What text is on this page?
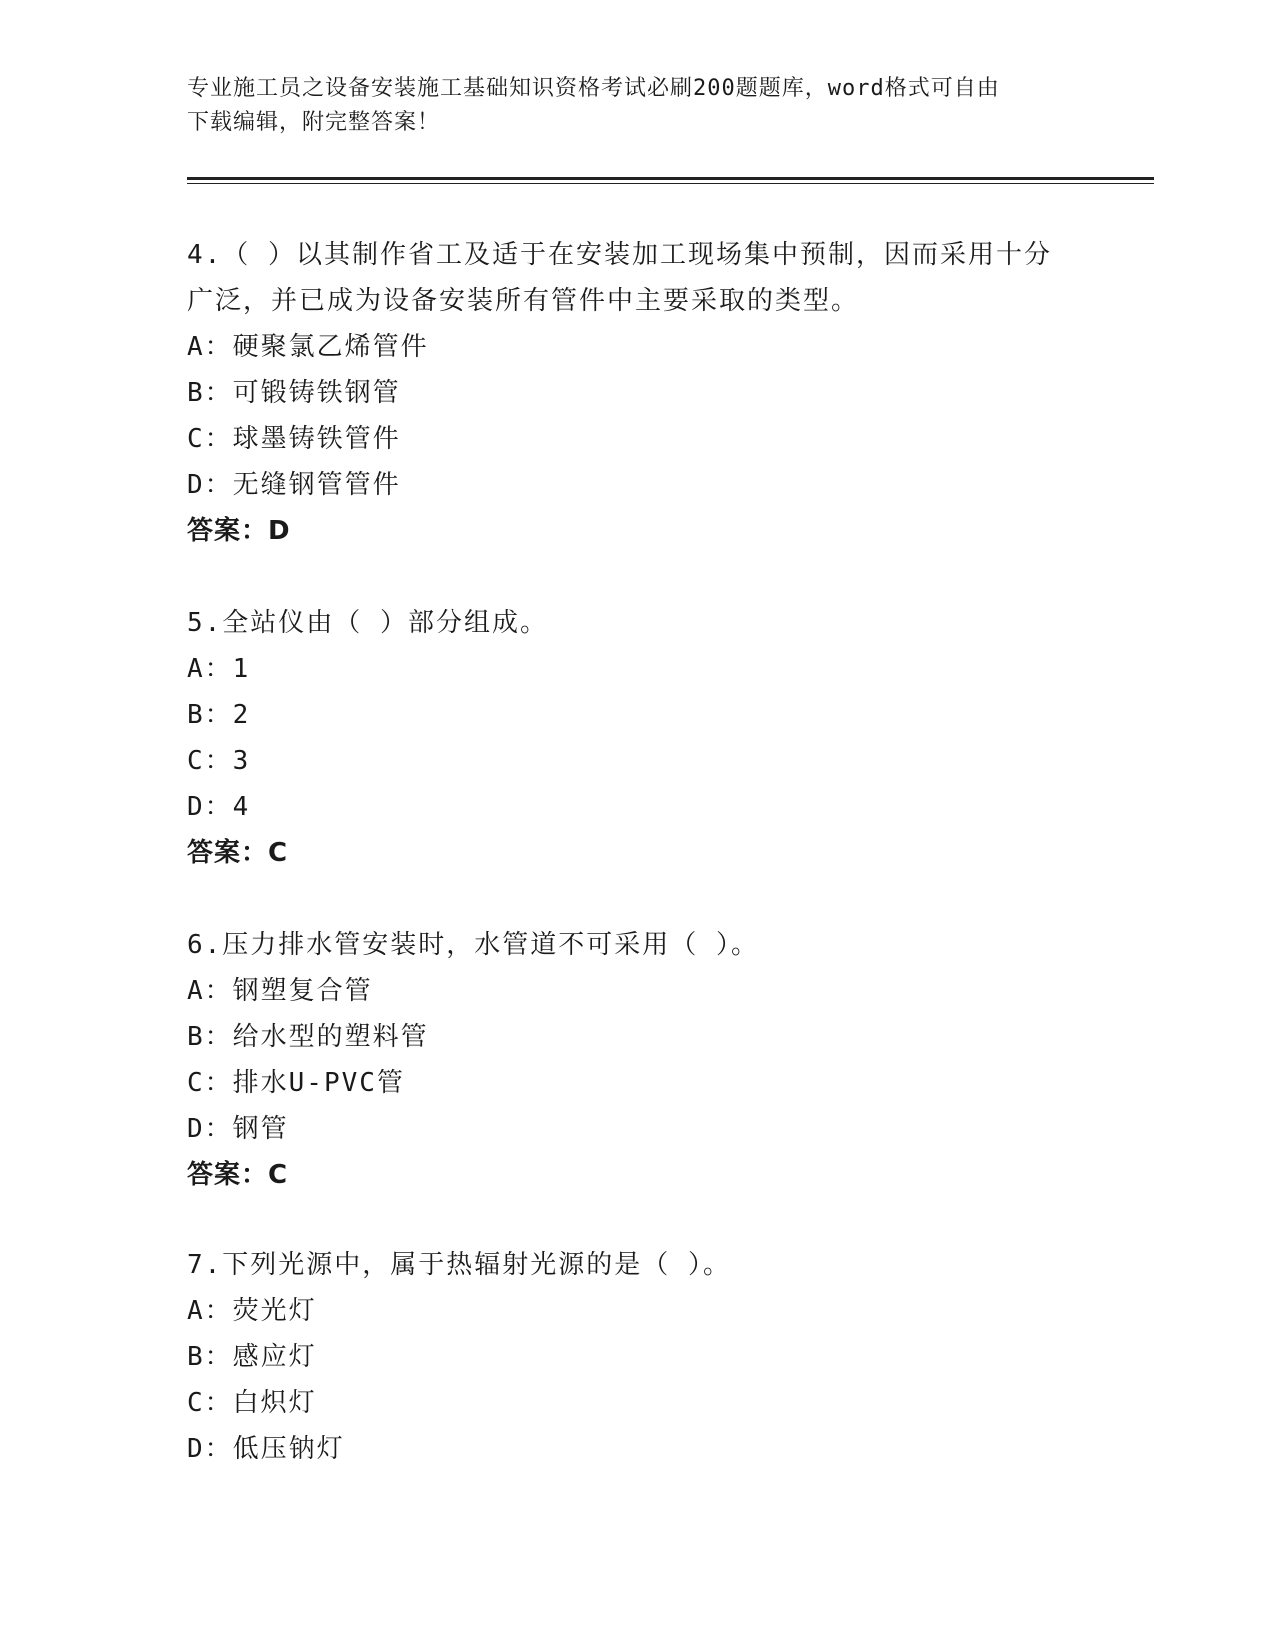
专业施工员之设备安装施工基础知识资格考试必刷200题题库，word格式可自由
下载编辑，附完整答案！
4.（ ）以其制作省工及适于在安装加工现场集中预制，因而采用十分
广泛，并已成为设备安装所有管件中主要采取的类型。
A：硬聚氯乙烯管件
B：可锻铸铁钢管
C：球墨铸铁管件
D：无缝钢管管件
答案：D
5.全站仪由（ ）部分组成。
A：1
B：2
C：3
D：4
答案：C
6.压力排水管安装时，水管道不可采用（ ）。
A：钢塑复合管
B：给水型的塑料管
C：排水U-PVC管
D：钢管
答案：C
7.下列光源中，属于热辐射光源的是（ ）。
A：荧光灯
B：感应灯
C：白炽灯
D：低压钠灯
